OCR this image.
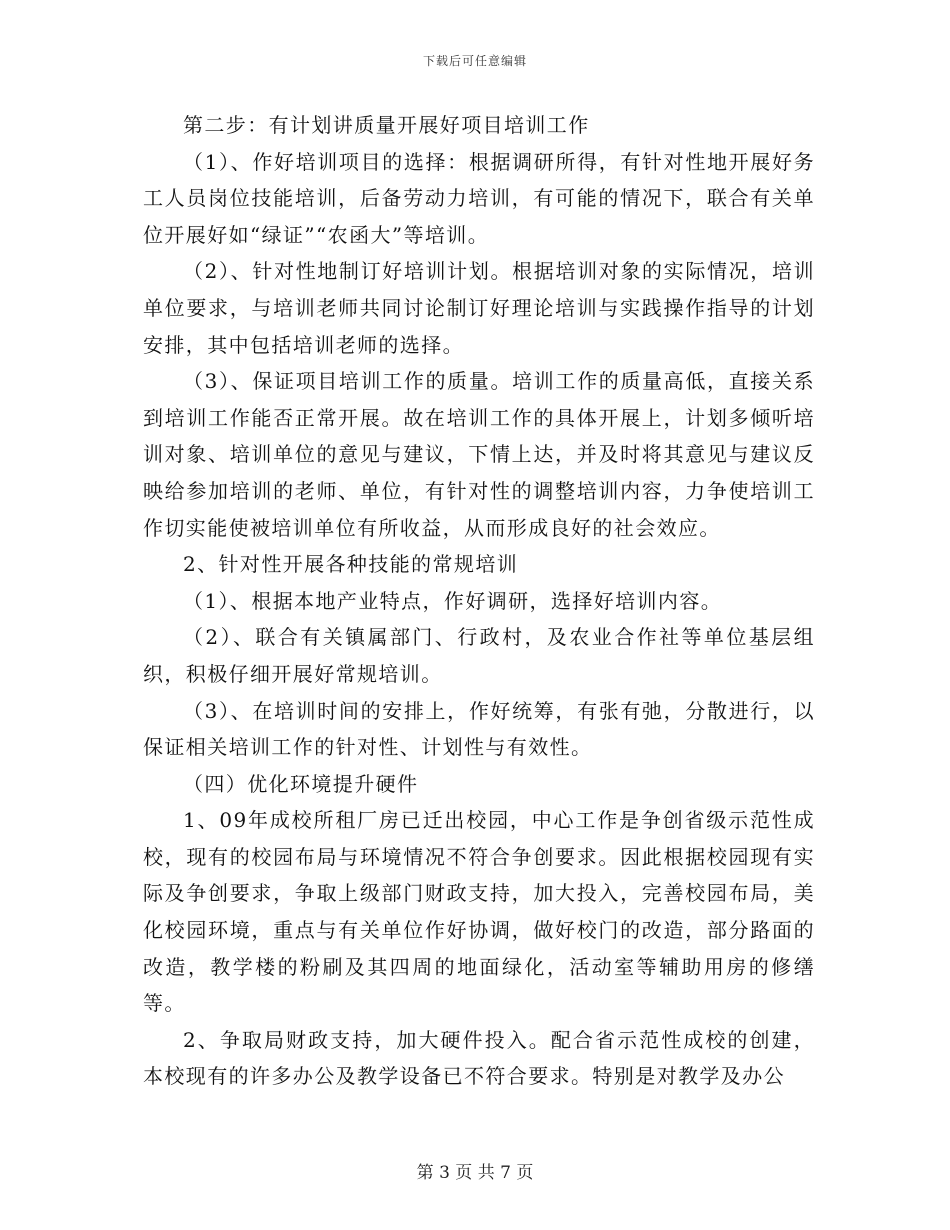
下载后可任意编辑

第二步：有计划讲质量开展好项目培训工作

（1）、作好培训项目的选择：根据调研所得，有针对性地开展好务工人员岗位技能培训，后备劳动力培训，有可能的情况下，联合有关单位开展好如“绿证”“农函大”等培训。

（2）、针对性地制订好培训计划。根据培训对象的实际情况，培训单位要求，与培训老师共同讨论制订好理论培训与实践操作指导的计划安排，其中包括培训老师的选择。

（3）、保证项目培训工作的质量。培训工作的质量高低，直接关系到培训工作能否正常开展。故在培训工作的具体开展上，计划多倾听培训对象、培训单位的意见与建议，下情上达，并及时将其意见与建议反映给参加培训的老师、单位，有针对性的调整培训内容，力争使培训工作切实能使被培训单位有所收益，从而形成良好的社会效应。

2、针对性开展各种技能的常规培训

（1）、根据本地产业特点，作好调研，选择好培训内容。

（2）、联合有关镇属部门、行政村，及农业合作社等单位基层组织，积极仔细开展好常规培训。

（3）、在培训时间的安排上，作好统筹，有张有弛，分散进行，以保证相关培训工作的针对性、计划性与有效性。

（四）优化环境提升硬件

1、09年成校所租厂房已迁出校园，中心工作是争创省级示范性成校，现有的校园布局与环境情况不符合争创要求。因此根据校园现有实际及争创要求，争取上级部门财政支持，加大投入，完善校园布局，美化校园环境，重点与有关单位作好协调，做好校门的改造，部分路面的改造，教学楼的粉刷及其四周的地面绿化，活动室等辅助用房的修缮等。

2、争取局财政支持，加大硬件投入。配合省示范性成校的创建，本校现有的许多办公及教学设备已不符合要求。特别是对教学及办公

第 3 页 共 7 页
